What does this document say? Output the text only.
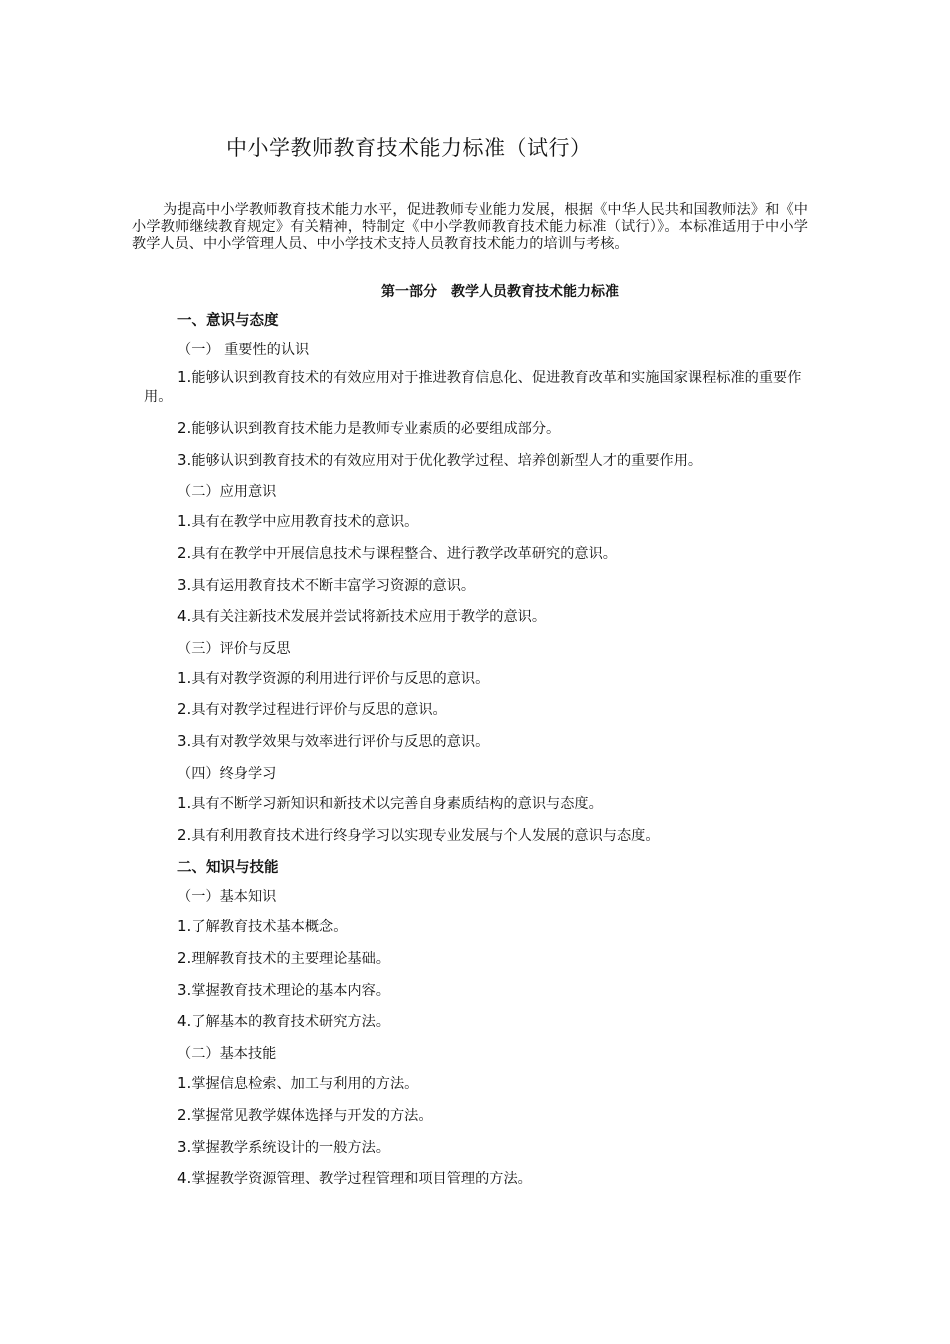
中小学教师教育技术能力标准（试行）
为提高中小学教师教育技术能力水平，促进教师专业能力发展，根据《中华人民共和国教师法》和《中小学教师继续教育规定》有关精神，特制定《中小学教师教育技术能力标准（试行）》。本标准适用于中小学教学人员、中小学管理人员、中小学技术支持人员教育技术能力的培训与考核。
第一部分　教学人员教育技术能力标准
一、意识与态度
（一） 重要性的认识
1.能够认识到教育技术的有效应用对于推进教育信息化、促进教育改革和实施国家课程标准的重要作用。
2.能够认识到教育技术能力是教师专业素质的必要组成部分。
3.能够认识到教育技术的有效应用对于优化教学过程、培养创新型人才的重要作用。
（二）应用意识
1.具有在教学中应用教育技术的意识。
2.具有在教学中开展信息技术与课程整合、进行教学改革研究的意识。
3.具有运用教育技术不断丰富学习资源的意识。
4.具有关注新技术发展并尝试将新技术应用于教学的意识。
（三）评价与反思
1.具有对教学资源的利用进行评价与反思的意识。
2.具有对教学过程进行评价与反思的意识。
3.具有对教学效果与效率进行评价与反思的意识。
（四）终身学习
1.具有不断学习新知识和新技术以完善自身素质结构的意识与态度。
2.具有利用教育技术进行终身学习以实现专业发展与个人发展的意识与态度。
二、知识与技能
（一）基本知识
1.了解教育技术基本概念。
2.理解教育技术的主要理论基础。
3.掌握教育技术理论的基本内容。
4.了解基本的教育技术研究方法。
（二）基本技能
1.掌握信息检索、加工与利用的方法。
2.掌握常见教学媒体选择与开发的方法。
3.掌握教学系统设计的一般方法。
4.掌握教学资源管理、教学过程管理和项目管理的方法。
